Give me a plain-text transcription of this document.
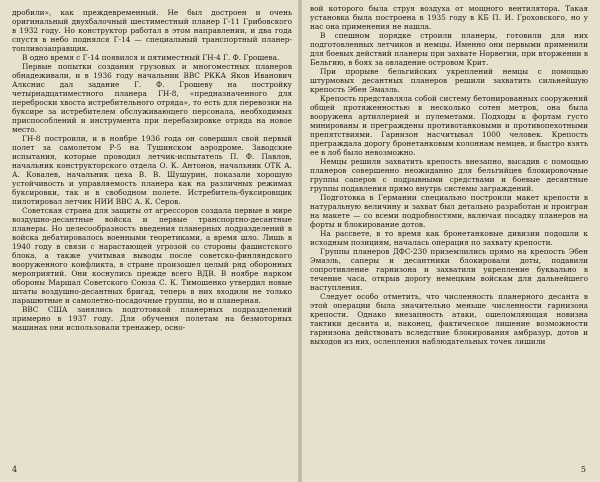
дробили», как преждевременный. Не был достроен и очень оригинальный двухбалочный шестиместный планер Г-11 Грибовского в 1932 году. Но конструктор работал в этом направлении, и два года спустя в небо поднялся Г-14 — специальный транспортный планер-топливозаправщик.

В одно время с Г-14 появился и пятиместный ГН-4 Г. Ф. Грошева.

Первые попытки создания грузовых и многоместных планеров обнадеживали, и в 1936 году начальник ВВС РККА Яков Иванович Алкснис дал задание Г. Ф. Грошеву на постройку четырнадцатиместного планера ГН-8, «предназначенного для переброски хвоста истребительного отряда», то есть для перевозки на буксире за истребителем обслуживающего персонала, необходимых приспособлений и инструмента при перебазировке отряда на новое место.

ГН-8 построили, и в ноябре 1936 года он совершил свой первый полет за самолетом Р-5 на Тушинском аэродроме. Заводские испытания, которые проводил летчик-испытатель П. Ф. Павлов, начальник конструкторского отдела О. К. Антонов, начальник ОТК А. А. Ковалев, начальник цеха В. В. Шушурин, показали хорошую устойчивость и управляемость планера как на различных режимах буксировки, так и в свободном полете. Истребитель-буксировщик пилотировал летчик НИИ ВВС А. К. Серов.

Советская страна для защиты от агрессоров создала первые в мире воздушно-десантные войска и первые транспортно-десантные планеры. Но целесообразность введения планерных подразделений в войска дебатировалось военными теоретиками, а время шло. Лишь в 1940 году в связи с нарастающей угрозой со стороны фашистского блока, а также учитывая выводы после советско-финляндского вооруженного конфликта, в стране произошел целый ряд оборонных мероприятий. Они коснулись прежде всего ВДВ. В ноябре нарком обороны Маршал Советского Союза С. К. Тимошенко утвердил новые штаты воздушно-десантных бригад, теперь в них входили не только парашютные и самолетно-посадочные группы, но и планерная.

ВВС США занялись подготовкой планерных подразделений примерно в 1937 году. Для обучения полетам на безмоторных машинах они использовали тренажер, осно-

4

вой которого была струя воздуха от мощного вентилятора. Такая установка была построена в 1935 году в КБ П. И. Гроховского, но у нас она применения не нашла.

В спешном порядке строили планеры, готовили для них подготовленных летчиков и немцы. Именно они первыми применили для боевых действий планеры при захвате Норвегии, при вторжении в Бельгию, в боях за овладение островом Крит.

При прорыве бельгийских укреплений немцы с помощью штурмовых десантных планеров решили захватить сильнейшую крепость Эбен Эмаэль.

Крепость представляла собой систему бетонированных сооружений общей протяженностью в несколько сотен метров, она была вооружена артиллерией и пулеметами. Подходы к фортам густо минированы и преграждены противотанковыми и противопехотными препятствиями. Гарнизон насчитывал 1000 человек. Крепость преграждала дорогу бронетанковым колоннам немцев, и быстро взять ее в лоб было невозможно.

Немцы решили захватить крепость внезапно, высадив с помощью планеров совершенно неожиданно для бельгийцев блокировочные группы саперов с подрывными средствами и боевые десантные группы подавления прямо внутрь системы заграждений.

Подготовка в Германии специально построили макет крепости в натуральную величину и захват был детально разработан и проигран на макете — со всеми подробностями, включая посадку планеров на форты и блокирование дотов.

На рассвете, в то время как бронетанковые дивизии подошли к исходным позициям, началась операция по захвату крепости.

Группы планеров ДФС-230 приземлились прямо на крепость Эбен Эмаэль, саперы и десантники блокировали доты, подавили сопротивление гарнизона и захватили укрепление буквально в течение часа, открыв дорогу немецким войскам для дальнейшего наступления.

Следует особо отметить, что численность планерного десанта в этой операции была значительно меньше численности гарнизона крепости. Однако внезапность атаки, ошеломляющая новизна тактики десанта и, наконец, фактическое лишение возможности гарнизона действовать вследствие блокирования амбразур, дотов и выходов из них, ослепления наблюдательных точек лишили

5
